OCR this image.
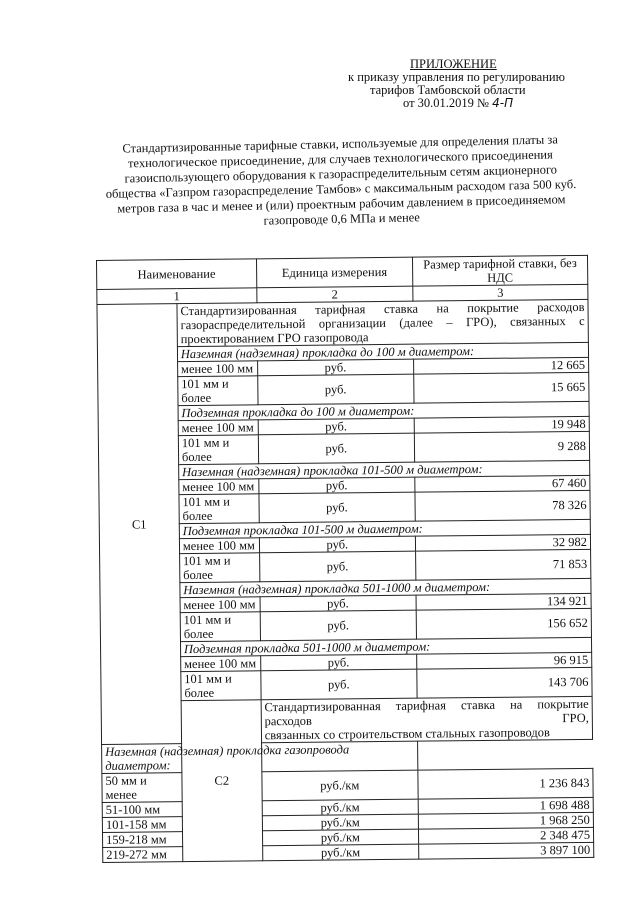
ПРИЛОЖЕНИЕ
к приказу управления по регулированию
тарифов Тамбовской области
от 30.01.2019 № 4-П
Стандартизированные тарифные ставки, используемые для определения платы за технологическое присоединение, для случаев технологического присоединения газоиспользующего оборудования к газораспределительным сетям акционерного общества «Газпром газораспределение Тамбов» с максимальным расходом газа 500 куб. метров газа в час и менее и (или) проектным рабочим давлением в присоединяемом газопроводе 0,6 МПа и менее
Наименование		Единица измерения	Размер тарифной ставки, без НДС
1		2	3
С1	Стандартизированная тарифная ставка на покрытие расходов газораспределительной организации (далее – ГРО), связанных с
проектированием ГРО газопровода		

	Наземная (надземная) прокладка до 100 м диаметром:		
	менее 100 мм	руб.	12 665
	101 мм и более	руб.	15 665
	Подземная прокладка до 100 м диаметром:		
	менее 100 мм	руб.	19 948
	101 мм и более	руб.	9 288
	Наземная (надземная) прокладка 101-500 м диаметром:		
	менее 100 мм	руб.	67 460
	101 мм и более	руб.	78 326
	Подземная прокладка 101-500 м диаметром:		
	менее 100 мм	руб.	32 982
	101 мм и более	руб.	71 853
	Наземная (надземная) прокладка 501-1000 м диаметром:		
	менее 100 мм	руб.	134 921
	101 мм и более	руб.	156 652
	Подземная прокладка 501-1000 м диаметром:		
	менее 100 мм	руб.	96 915
	101 мм и более	руб.	143 706
	С2	Стандартизированная тарифная ставка на покрытие расходов ГРО,
связанных со строительством стальных газопроводов	

Наземная (надземная) прокладка газопровода диаметром:			
50 мм и менее		руб./км	1 236 843
51-100 мм		руб./км	1 698 488
101-158 мм		руб./км	1 968 250
159-218 мм		руб./км	2 348 475
219-272 мм		руб./км	3 897 100
